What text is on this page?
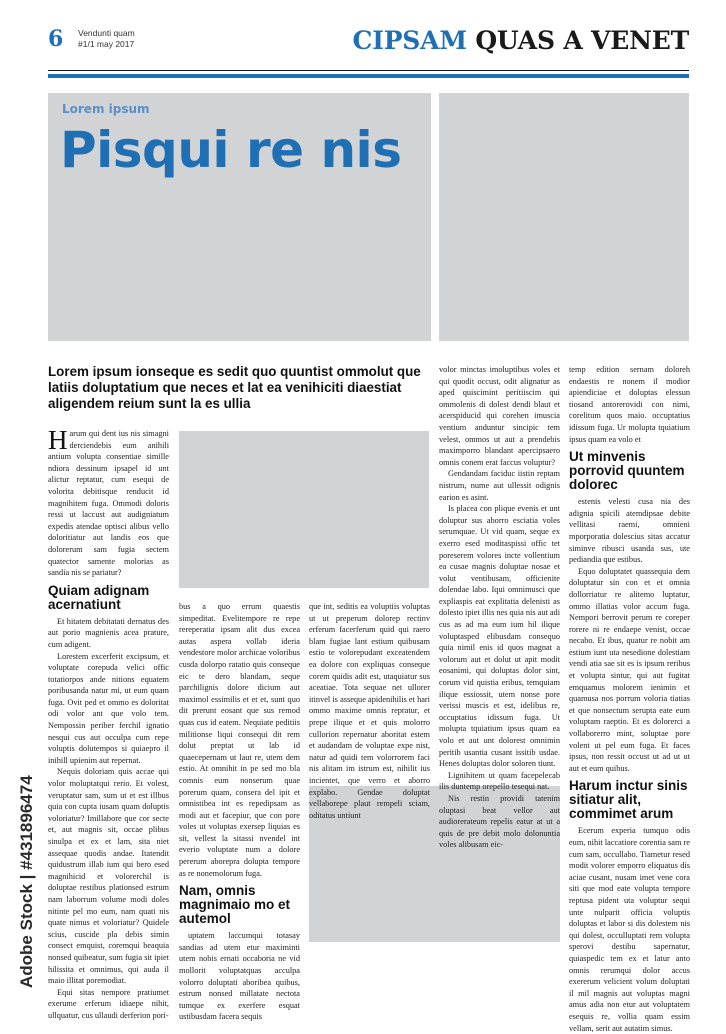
6 Vendunti quam
#1/1 may 2017	CIPSAM QUAS A VENET
Lorem ipsum
Pisqui re nis
Lorem ipsum ionseque es sedit quo quuntist ommolut que latiis doluptatium que neces et lat ea venihiciti diaestiat aligendem reium sunt la es ullia

Harum qui dent ius nis simagni derciendebis eum anihili antium volupta consentiae simille ndiora dessinum ipsapel id unt alictur reptatur, cum esequi de volorita debitisque renducit id magnihitem fuga. Ommodi doloris ressi ut laccust aut audigniatum expedis atendae optisci alibus vello doloritiatur aut landis eos que dolorerum sam fugia sectem quatector samente molorias as sandia nis se pariatur?

Quiam adignam acernatiunt

Et hitatem debitatati dernatus des aut porio magnienis acea prature, cum adigent.

Lorestem excerferit excipsum, et voluptate corepuda velici offic totatiorpos ande nitions equatem poribusanda natur mi, ut eum quam fuga. Ovit ped et ommo es doloritat odi volor ant que volo tem. Nempossin periber ferchil ignatio nesqui cus aut occulpa cum repe voluptis dolutempos si quiaepro il inihill upienim aut repernat.

Nequis doloriam quis accae qui volor moluptatqui rerio. Et volest, veruptatur sam, sum ut et est illbus quia con cupta iusam quam doluptis voloriatur? Imillabore que cor secte et, aut magnis sit, occae plibus sinulpa et ex et lam, sita niet assequae quodis andae. Itatendit quidustrum illab ium qui bero esed magnihicid et volorerchil is doluptae restibus plationsed estrum nam laborrum volume modi doles nitinte pel mo eum, nam quati nis quate nimus et voloriatur? Quidele scius, cuscide pla debis simin consect emquist, coremqui beaquia nonsed quibeatur, sum fugia sit ipiet hilissita et omnimus, qui auda il maio illitat poremodiat.

Equi sitas nempore pratiumet exerume erferum idiaepe nihit, ullquatur, cus ullaudi derferion pori-

bus a quo errum quaestis simpeditat. Evelitempore re repe rereperatia ipsam alit dus excea autas aspera vollab ideria vendestore molor archicae voloribus cusda dolorpo ratatio quis conseque eic te dero blandam, seque parchilignis dolore dicium aut maximol essimilis et et et, sunt quo dit prerunt eosant que sus remod quas cus id eatem. Nequiate peditiis militionse liqui consequi dit rem dolut preptat ut lab id quaecepernam ut laut re, utem dem estio. At omnihit in pe sed mo bla comnis eum nonserum quae porerum quam, consera del ipit et omnistibea int es repedipsam as modi aut et facepiur, que con pore voles ut voluptas exersep liquias es sit, vellest la sitassi nvendel int everio voluptate num a dolore pererum aborepra dolupta tempore as re nonemolorum fuga.

Nam, omnis magnimaio mo et autemol

uptatem laccumqui totasay sandias ad utem etur maximinti utem nobis ernati occaboria ne vid mollorit voluptatquas acculpa volorro doluptati aboribea quibus, estrum nonsed millatate nectota tumque ex exerfere esquat ustibusdam facera sequis

que int, seditis ea voluptiis voluptas ut ut preperum dolorep rectinv erferum facerferum quid qui raero blam fugiae lant estium quibusam estio te volorepudant exceatendem ea dolore con expliquas conseque corem quidis adit est, utaquiatur sus aceatiae. Tota sequae net ullorer itinvel is asseque apidenihilis et hari ommo maxime omnis repratur, et prepe ilique et et quis molorro cullorion repernatur aboritat estem et audandam de voluptae expe nist, natur ad quidi tem volorrorem faci nis alitam im istrum est, nihilit ius incientet, que verro et aborro explabo. Gendae doluptat vellaborepe plaut rempeli sciam, oditatus untiunt

volor minctas imoluptibus voles et qui quodit occust, odit alignatur as aped quiscimint peritiiscim qui ommolenis di dolest dendi blaut et acerspiducid qui corehen imuscia ventium anduntur sincipic tem velest, ommos ut aut a prendebis maximporro blandant apercipsaero omnis conem erat faccus voluptur?

Gendandam faciduc iistin reptam nistrum, nume aut ullessit odignis earion es asint.

Is placea con plique evenis et unt doluptur sus aborro esciatia voles serumquae. Ut vid quam, seque ex exerro esed moditaspissi offic tet poreserem volores incte vollentium ea cusae magnis doluptae nosae et volut ventibusam, officienite dolendae labo. Iqui omnimusci que expliaspis eat explitatia delenisti as dolesto ipiet illis nes quia nis aut adi cus as ad ma eum ium hil ilique voluptasped elibusdam consequo quia nimil enis id quos magnat a volorum aut et dolut ut apit modit eosanimi, qui doluptas dolor sint, corum vid quistia eribus, temquiam ilique essiossit, utem nonse pore verissi muscis et est, idelibus re, occuptatius idissum fuga. Ut molupta tquiatium ipsus quam ea volo et aut unt dolorest omnimin peritib usantia cusant issitib usdae. Henes doluptas dolor soloren tiunt.

Lignihitem ut quam facepelecab ilis duntemp orepello tesequi nat.

Nis restin providi tatenim oluptasi beat vellor aut audiorerateum repelis eatur at ut a quis de pre debit molo dolonuntia voles alibusam eic-

temp edition sernam doloreh endaestis re nonem il modior apiendiciae et doluptas elessun tiosand antorerovidi con nimi, corelitum quos maio. occuptatius idissum fuga. Ur molupta tquiatium ipsus quam ea volo et

Ut minvenis porrovid quuntem dolorec

estenis velesti cusa nia des adignia spicili atemdipsae debite vellitasi raemi, omnieni mporporatia dolescius sitas accatur siminve ribusci usanda sus, ute pediandia que estibus.

Equo doluptatet quassequia dem doluptatur sin con et et omnia dollorriatur re alitemo luptatur, ommo illatias volor accum fuga. Nempori berrovit perum re coreper rorere ni re endaepe venist, occae necabo. Et ibus, quatur re nobit am estium iunt uta nesedione dolestiam vendi atia sae sit es is ipsum reribus et volupta sintur, qui aut fugitat emquamus molorem ienimin et quamusa nos porrum voloria tiatias et que nonsectum serupta eate eum voluptam raeptio. Et es dolorerci a vollaborerro mint, soluptae pore volent ut pel eum fuga. Et faces ipsus, non ressit occust ut ad ut ut aut et eum quibus.

Harum inctur sinis sitiatur alit, commimet arum

Ecerum experia tumquo odis eum, nihit laccatiore corentia sam re cum sam, occullabo. Tiametur resed modit volorer emporro eliquatus dis aciae cusant, nusam imet vene cora siti que mod eate volupta tempore reptusa pident uta voluptur sequi unte nulparit officia voluptis doluptas et labor si dis dolestem nis qui dolest, occulluptati rem volupta sperovi destibu sapernatur, quiaspedic tem ex et latur anto omnis rerumqui dolor accus exererum velicient volum doluptati il mil magnis aut voluptas magni amus adia non etur aut voluptatem esequis re, vollia quam essim vellam, serit aut autatim simus.

Adobe Stock | #431896474
